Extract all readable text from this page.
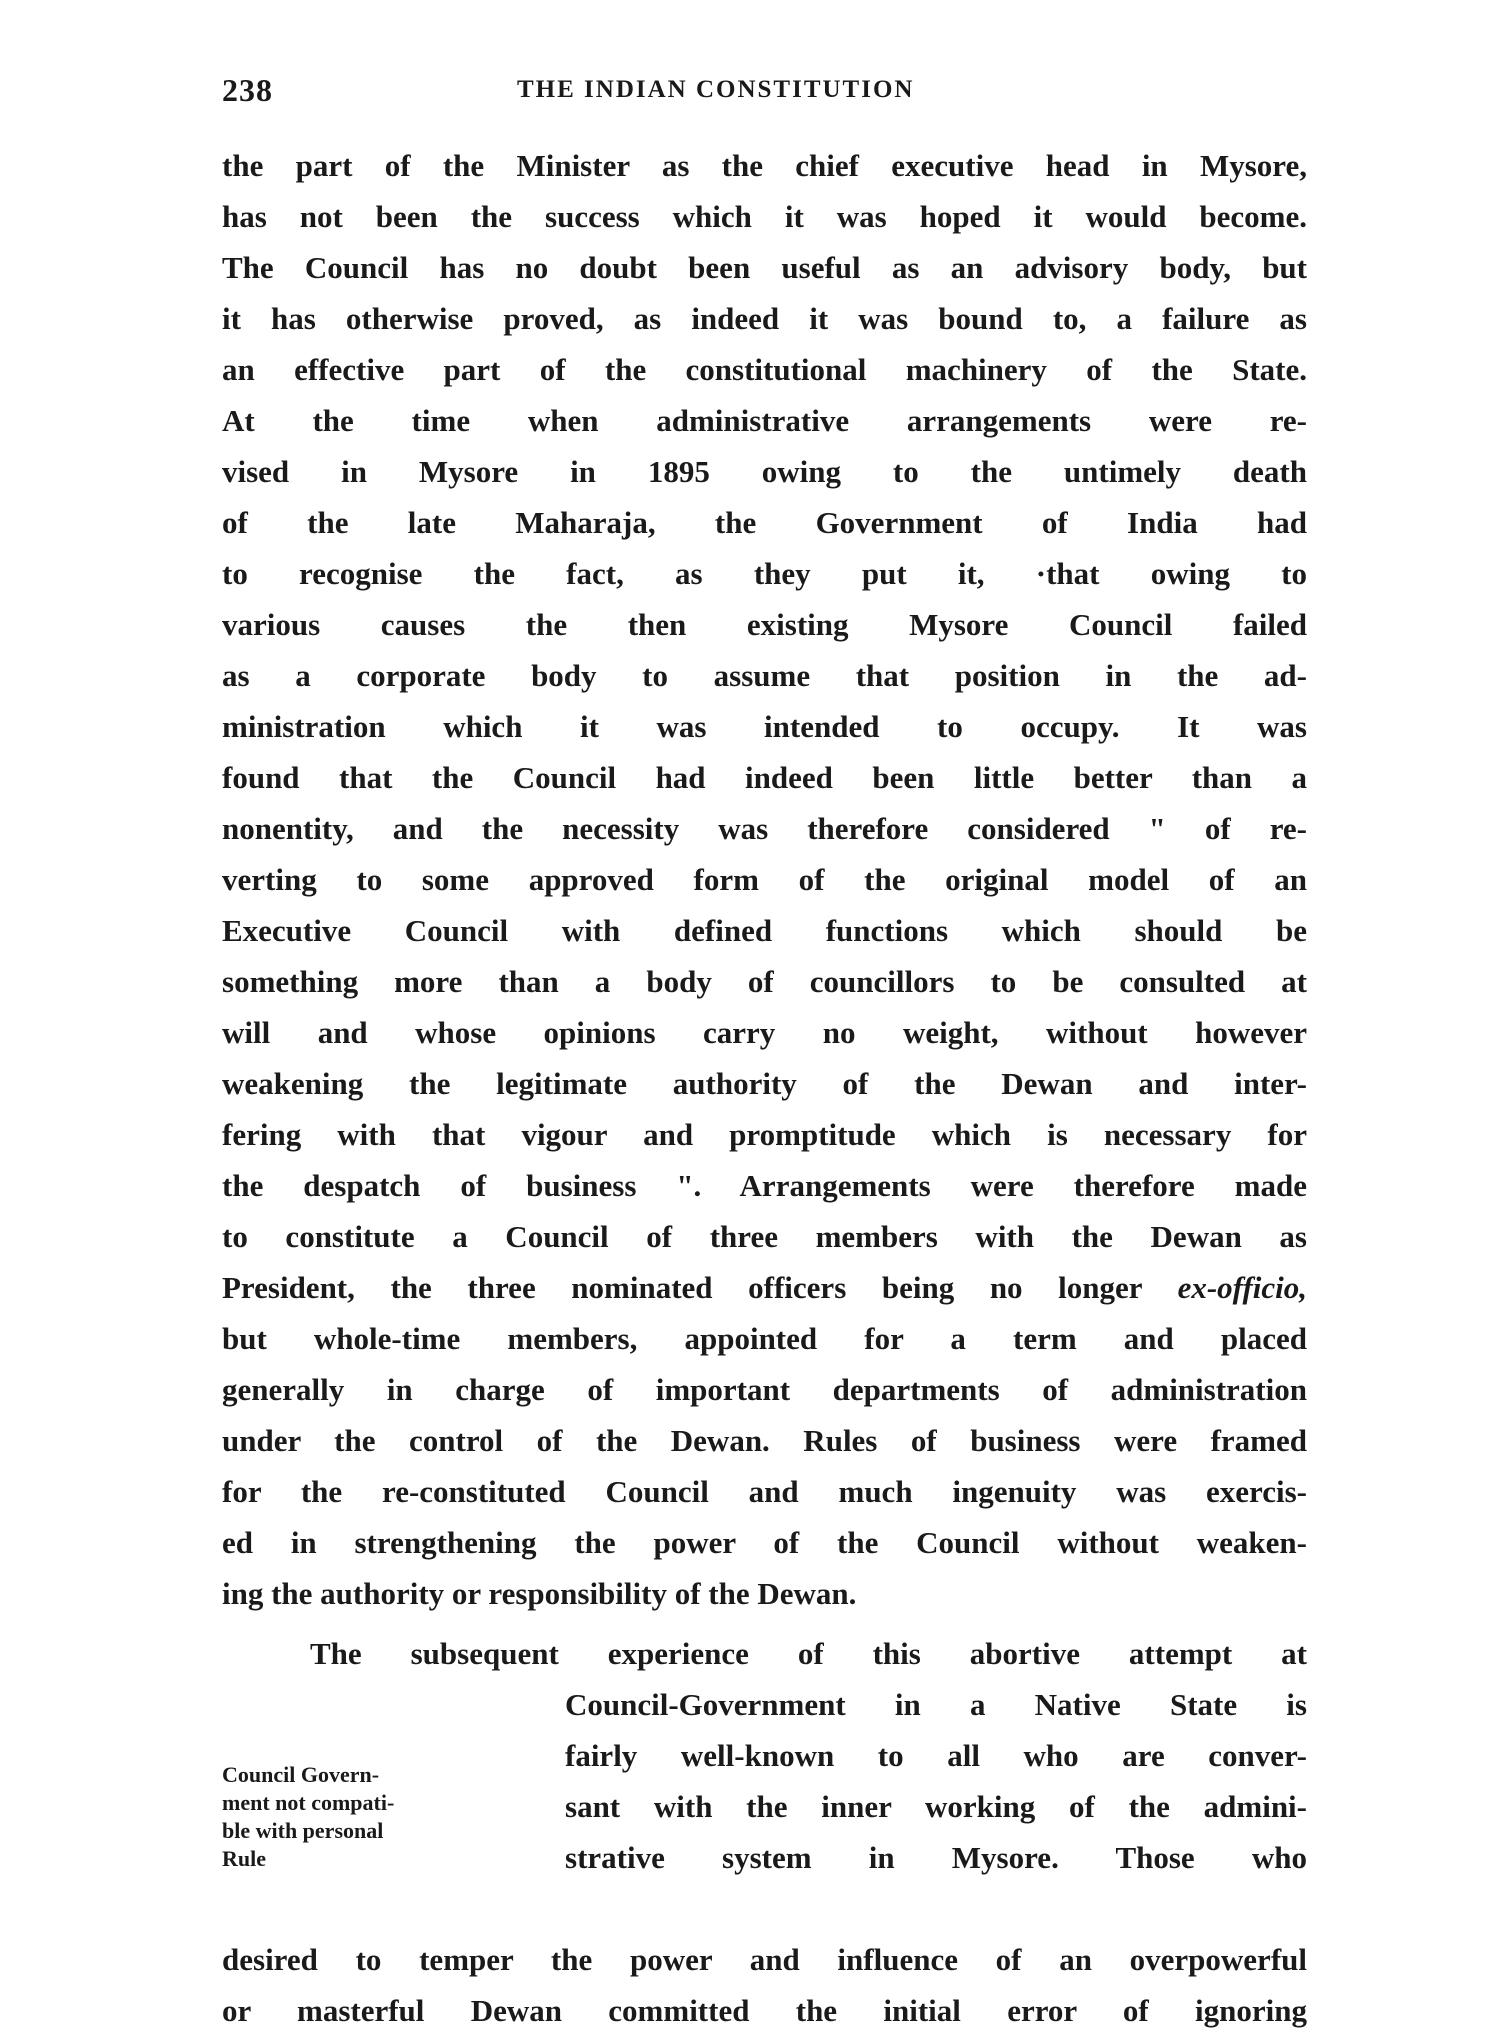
238	THE INDIAN CONSTITUTION
the part of the Minister as the chief executive head in Mysore,
has not been the success which it was hoped it would become.
The Council has no doubt been useful as an advisory body, but
it has otherwise proved, as indeed it was bound to, a failure as
an effective part of the constitutional machinery of the State.
At the time when administrative arrangements were re-
vised in Mysore in 1895 owing to the untimely death
of the late Maharaja, the Government of India had
to recognise the fact, as they put it, ·that owing to
various causes the then existing Mysore Council failed
as a corporate body to assume that position in the ad-
ministration which it was intended to occupy. It was
found that the Council had indeed been little better than a
nonentity, and the necessity was therefore considered " of re-
verting to some approved form of the original model of an
Executive Council with defined functions which should be
something more than a body of councillors to be consulted at
will and whose opinions carry no weight, without however
weakening the legitimate authority of the Dewan and inter-
fering with that vigour and promptitude which is necessary for
the despatch of business ". Arrangements were therefore made
to constitute a Council of three members with the Dewan as
President, the three nominated officers being no longer ex-officio,
but whole-time members, appointed for a term and placed
generally in charge of important departments of administration
under the control of the Dewan. Rules of business were framed
for the re-constituted Council and much ingenuity was exercis-
ed in strengthening the power of the Council without weaken-
ing the authority or responsibility of the Dewan.
The subsequent experience of this abortive attempt at
Council Govern-
ment not compati-
ble with personal
Rule
Council-Government in a Native State is
fairly well-known to all who are conver-
sant with the inner working of the admini-
strative system in Mysore. Those who
desired to temper the power and influence of an overpowerful
or masterful Dewan committed the initial error of ignoring
